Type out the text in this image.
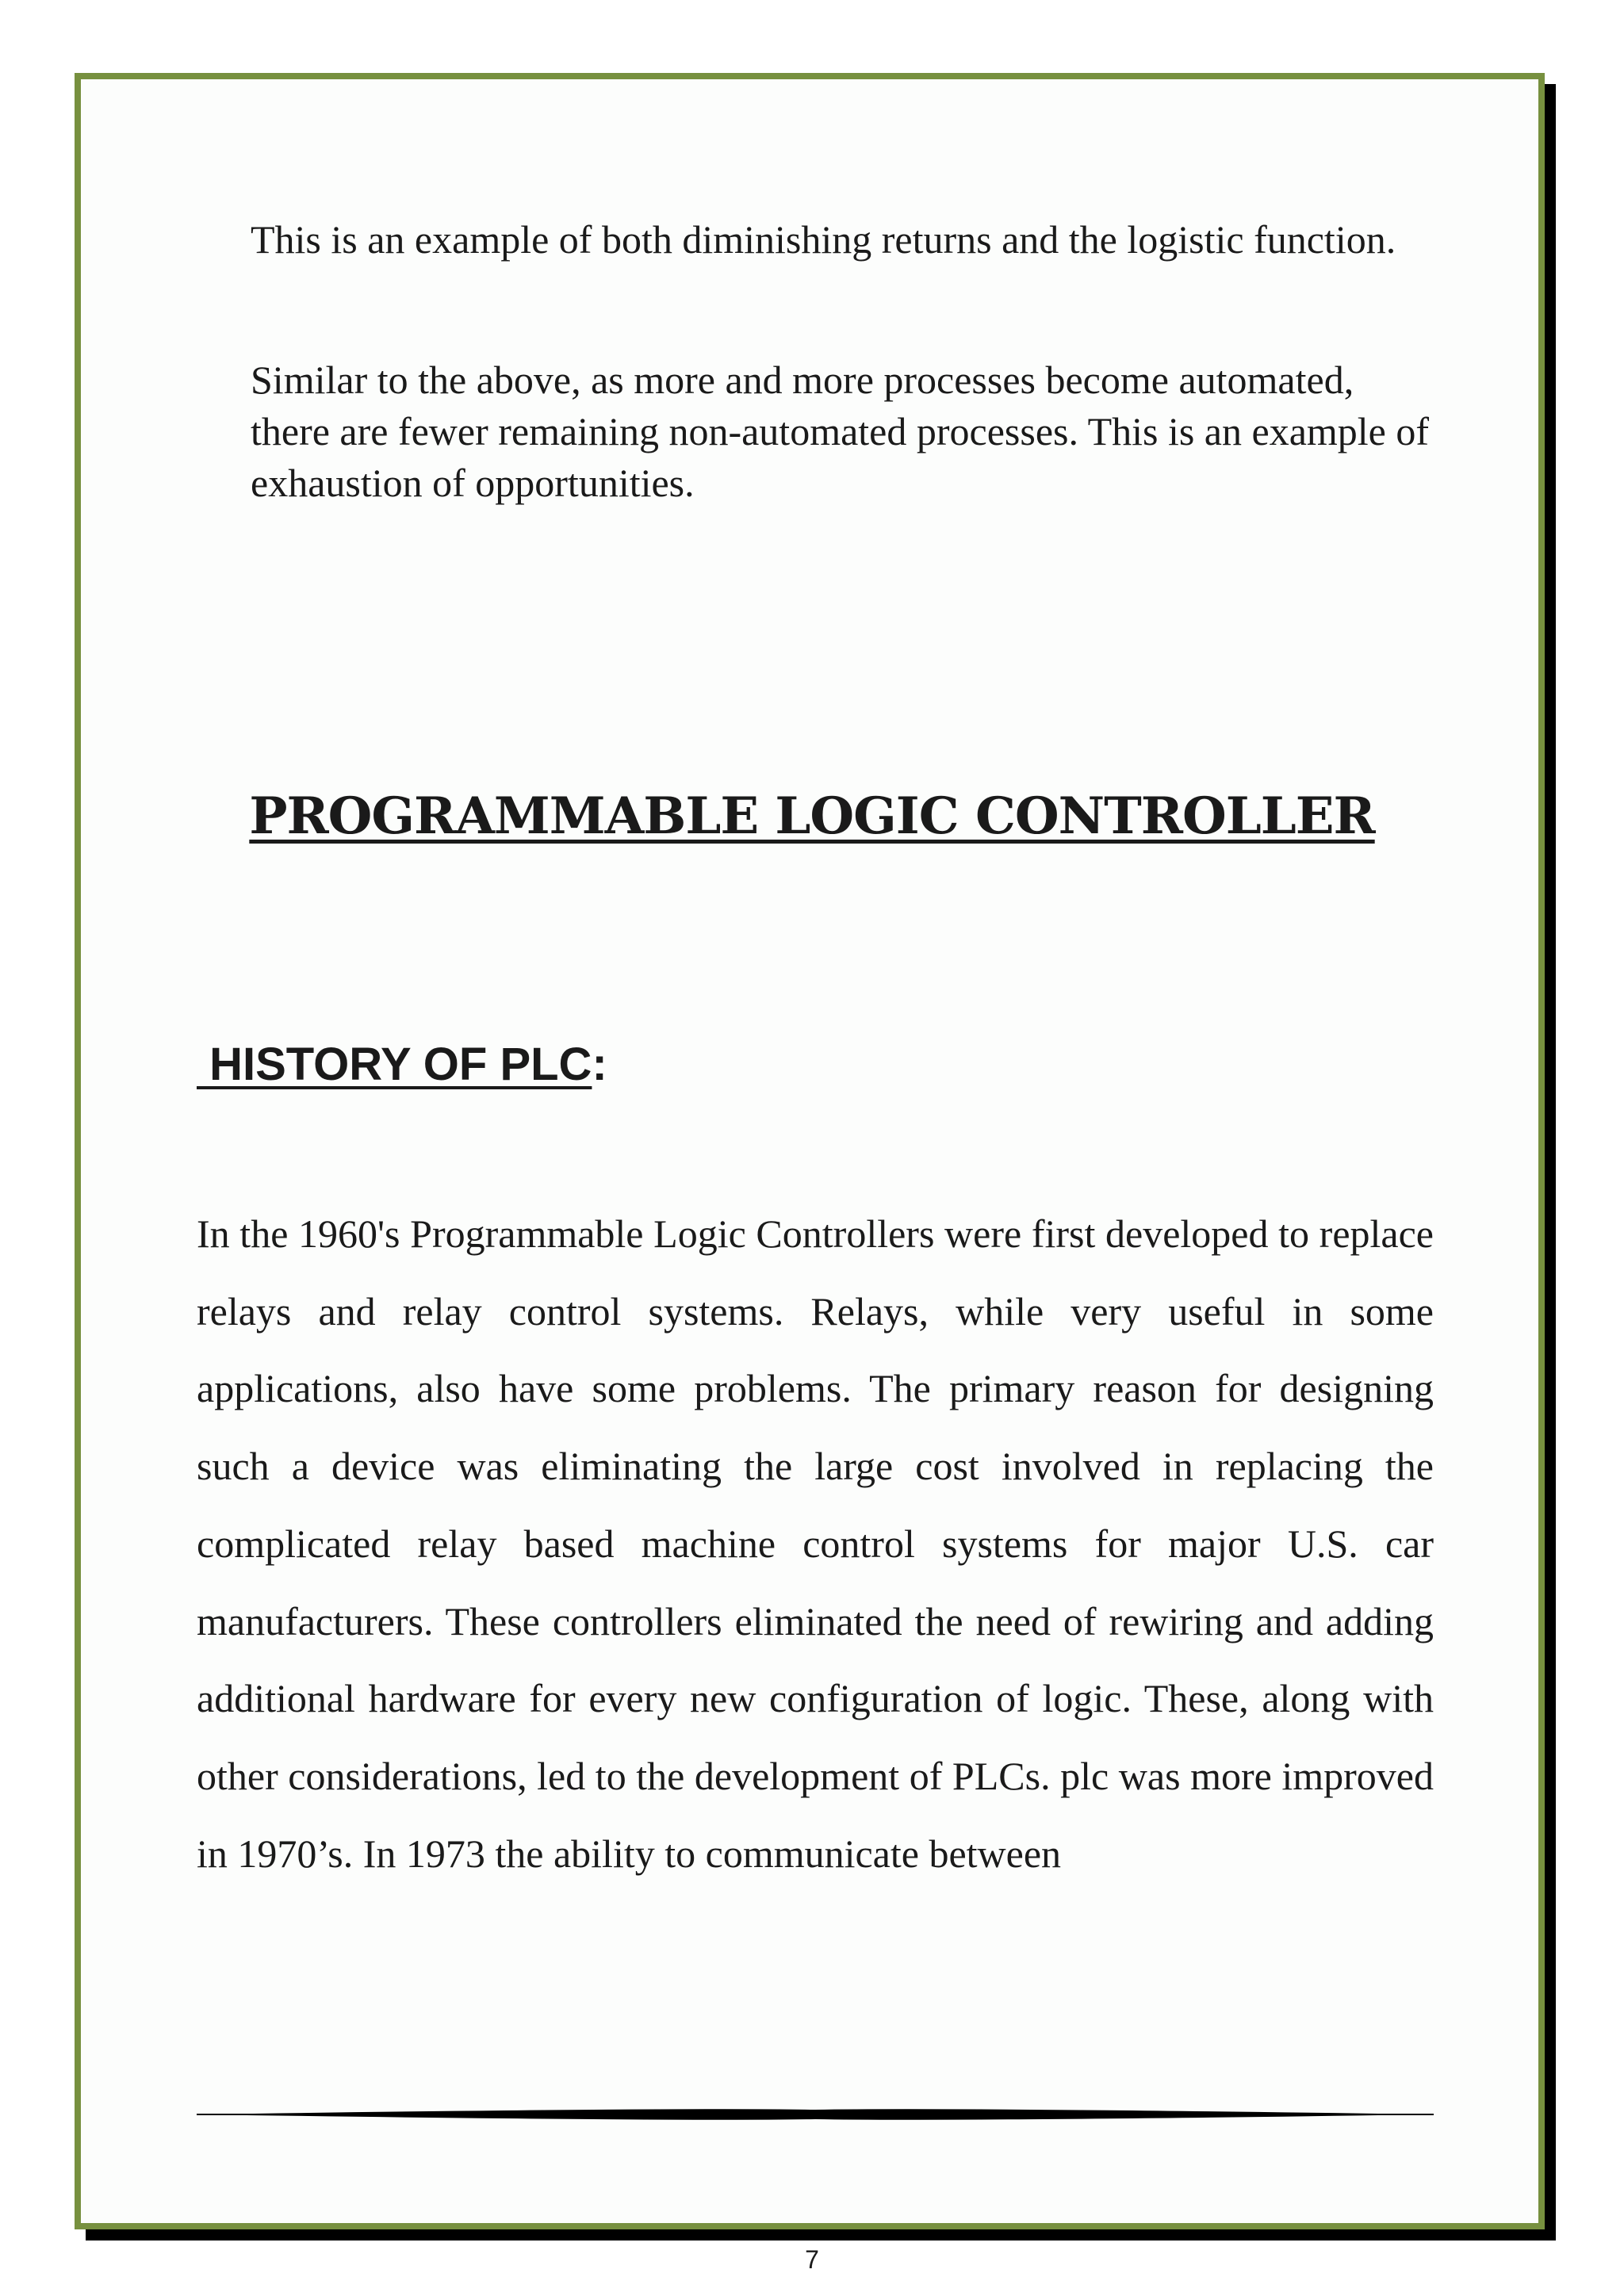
This is an example of both diminishing returns and the logistic function.

Similar to the above, as more and more processes become automated, there are fewer remaining non-automated processes. This is an example of exhaustion of opportunities.

PROGRAMMABLE LOGIC CONTROLLER
HISTORY OF PLC:

In the 1960's Programmable Logic Controllers were first developed to replace relays and relay control systems. Relays, while very useful in some applications, also have some problems. The primary reason for designing such a device was eliminating the large cost involved in replacing the complicated relay based machine control systems for major U.S. car manufacturers. These controllers eliminated the need of rewiring and adding additional hardware for every new configuration of logic. These, along with other considerations, led to the development of PLCs. plc was more improved in 1970’s. In 1973 the ability to communicate between

7
